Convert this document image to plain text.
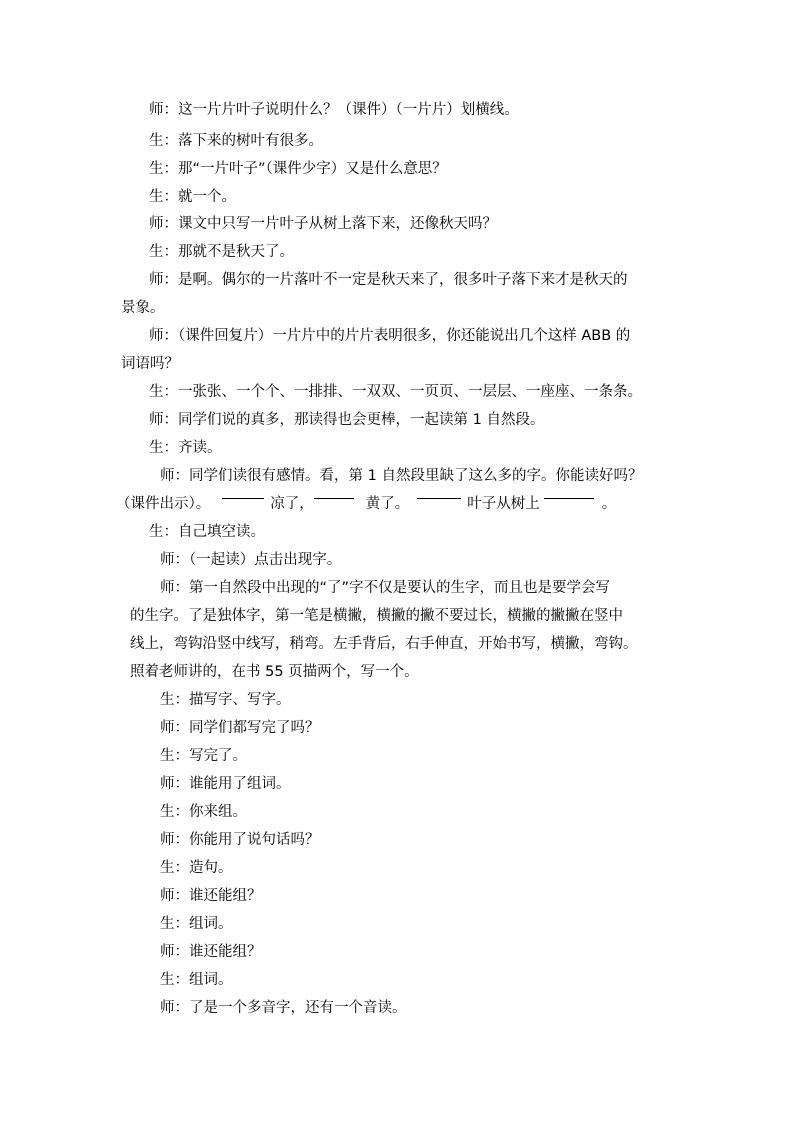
师：这一片片叶子说明什么？（课件）（一片片）划横线。
生：落下来的树叶有很多。
生：那“一片叶子”（课件少字）又是什么意思？
生：就一个。
师：课文中只写一片叶子从树上落下来，还像秋天吗？
生：那就不是秋天了。
师：是啊。偶尔的一片落叶不一定是秋天来了，很多叶子落下来才是秋天的
景象。
师：（课件回复片）一片片中的片片表明很多，你还能说出几个这样 ABB 的
词语吗？
生：一张张、一个个、一排排、一双双、一页页、一层层、一座座、一条条。
师：同学们说的真多，那读得也会更棒，一起读第 1 自然段。
生：齐读。
师：同学们读很有感情。看，第 1 自然段里缺了这么多的字。你能读好吗？
（课件出示）。	凉了，	黄了。	叶子从树上	。
生：自己填空读。
师：（一起读）点击出现字。
师：第一自然段中出现的“了”字不仅是要认的生字，而且也是要学会写
的生字。了是独体字，第一笔是横撇，横撇的撇不要过长，横撇的撇撇在竖中
线上，弯钩沿竖中线写，稍弯。左手背后，右手伸直，开始书写，横撇，弯钩。
照着老师讲的，在书 55 页描两个，写一个。
生：描写字、写字。
师：同学们都写完了吗？
生：写完了。
师：谁能用了组词。
生：你来组。
师：你能用了说句话吗？
生：造句。
师：谁还能组？
生：组词。
师：谁还能组？
生：组词。
师：了是一个多音字，还有一个音读。
